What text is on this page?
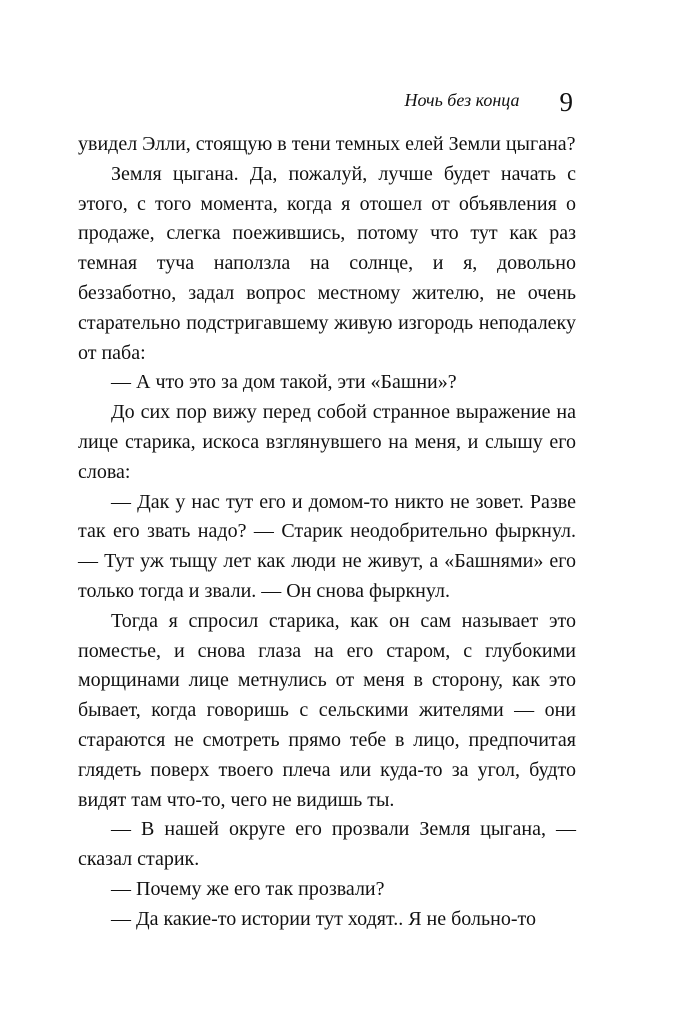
Ночь без конца 9

увидел Элли, стоящую в тени темных елей Земли цыгана?

Земля цыгана. Да, пожалуй, лучше будет начать с этого, с того момента, когда я отошел от объявления о продаже, слегка поежившись, потому что тут как раз темная туча наползла на солнце, и я, довольно беззаботно, задал вопрос местному жителю, не очень старательно подстригавшему живую изгородь неподалеку от паба:

— А что это за дом такой, эти «Башни»?

До сих пор вижу перед собой странное выражение на лице старика, искоса взглянувшего на меня, и слышу его слова:

— Дак у нас тут его и домом-то никто не зовет. Разве так его звать надо? — Старик неодобрительно фыркнул. — Тут уж тыщу лет как люди не живут, а «Башнями» его только тогда и звали. — Он снова фыркнул.

Тогда я спросил старика, как он сам называет это поместье, и снова глаза на его старом, с глубокими морщинами лице метнулись от меня в сторону, как это бывает, когда говоришь с сельскими жителями — они стараются не смотреть прямо тебе в лицо, предпочитая глядеть поверх твоего плеча или куда-то за угол, будто видят там что-то, чего не видишь ты.

— В нашей округе его прозвали Земля цыгана, — сказал старик.

— Почему же его так прозвали?

— Да какие-то истории тут ходят.. Я не больно-то
